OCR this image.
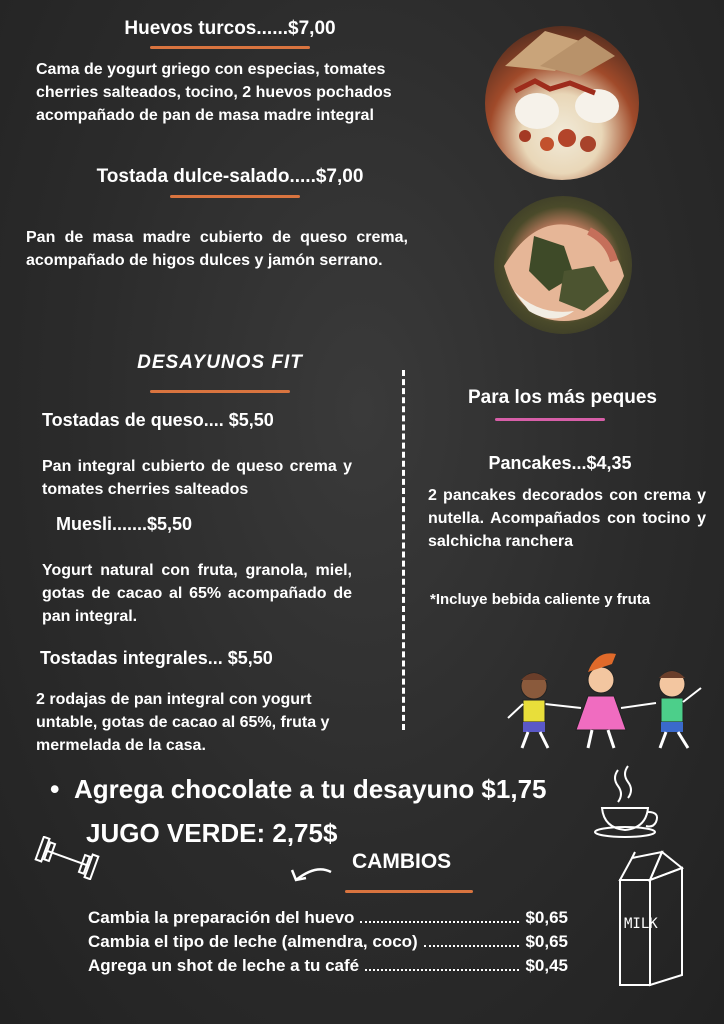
Huevos turcos......$7,00
Cama de yogurt griego con especias, tomates cherries salteados, tocino, 2 huevos pochados acompañado de pan de masa madre integral
Tostada dulce-salado.....$7,00
Pan de masa madre cubierto de queso crema, acompañado de higos dulces y jamón serrano.
DESAYUNOS FIT
Tostadas de queso.... $5,50
Pan integral cubierto de queso crema y tomates cherries salteados
Muesli.......$5,50
Yogurt natural con fruta, granola, miel, gotas de cacao al 65% acompañado de pan integral.
Tostadas integrales... $5,50
2 rodajas de pan integral con yogurt untable, gotas de cacao al 65%, fruta y mermelada de la casa.
Para los más peques
Pancakes...$4,35
2 pancakes decorados con crema y nutella. Acompañados con tocino y salchicha ranchera
*Incluye bebida caliente y fruta
• Agrega chocolate a tu desayuno $1,75
JUGO VERDE: 2,75$
MILK
CAMBIOS
Cambia la preparación del huevo	$0,65
Cambia el tipo de leche (almendra, coco)	$0,65
Agrega un shot de leche a tu café	$0,45
